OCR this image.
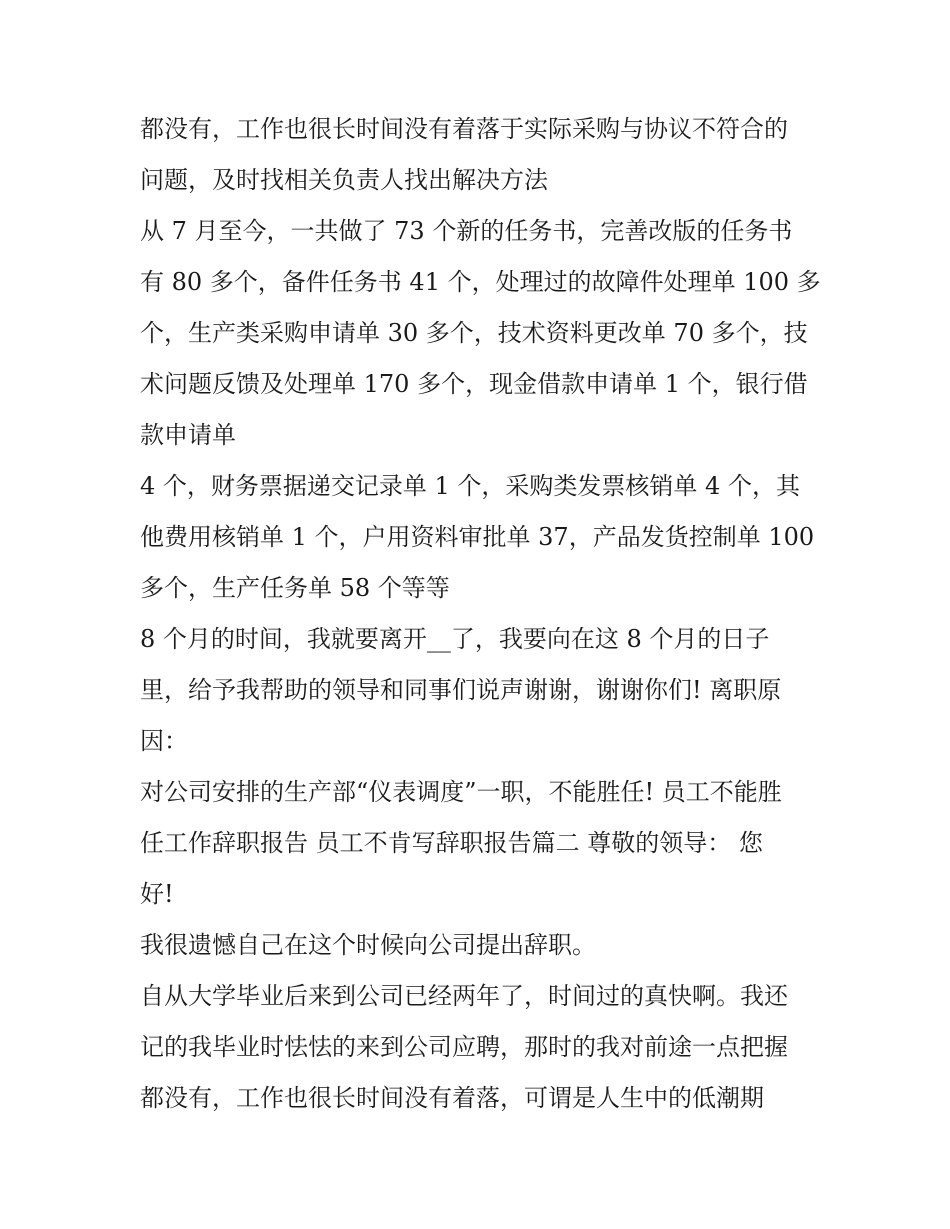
都没有，工作也很长时间没有着落于实际采购与协议不符合的
问题，及时找相关负责人找出解决方法
从 7 月至今，一共做了 73 个新的任务书，完善改版的任务书
有 80 多个，备件任务书 41 个，处理过的故障件处理单 100 多
个，生产类采购申请单 30 多个，技术资料更改单 70 多个，技
术问题反馈及处理单 170 多个，现金借款申请单 1 个，银行借
款申请单
4 个，财务票据递交记录单 1 个，采购类发票核销单 4 个，其
他费用核销单 1 个，户用资料审批单 37，产品发货控制单 100
多个，生产任务单 58 个等等
8 个月的时间，我就要离开__了，我要向在这 8 个月的日子
里，给予我帮助的领导和同事们说声谢谢，谢谢你们! 离职原
因：
对公司安排的生产部“仪表调度”一职，不能胜任! 员工不能胜
任工作辞职报告 员工不肯写辞职报告篇二 尊敬的领导： 您
好!
我很遗憾自己在这个时候向公司提出辞职。
自从大学毕业后来到公司已经两年了，时间过的真快啊。我还
记的我毕业时怯怯的来到公司应聘，那时的我对前途一点把握
都没有，工作也很长时间没有着落，可谓是人生中的低潮期
